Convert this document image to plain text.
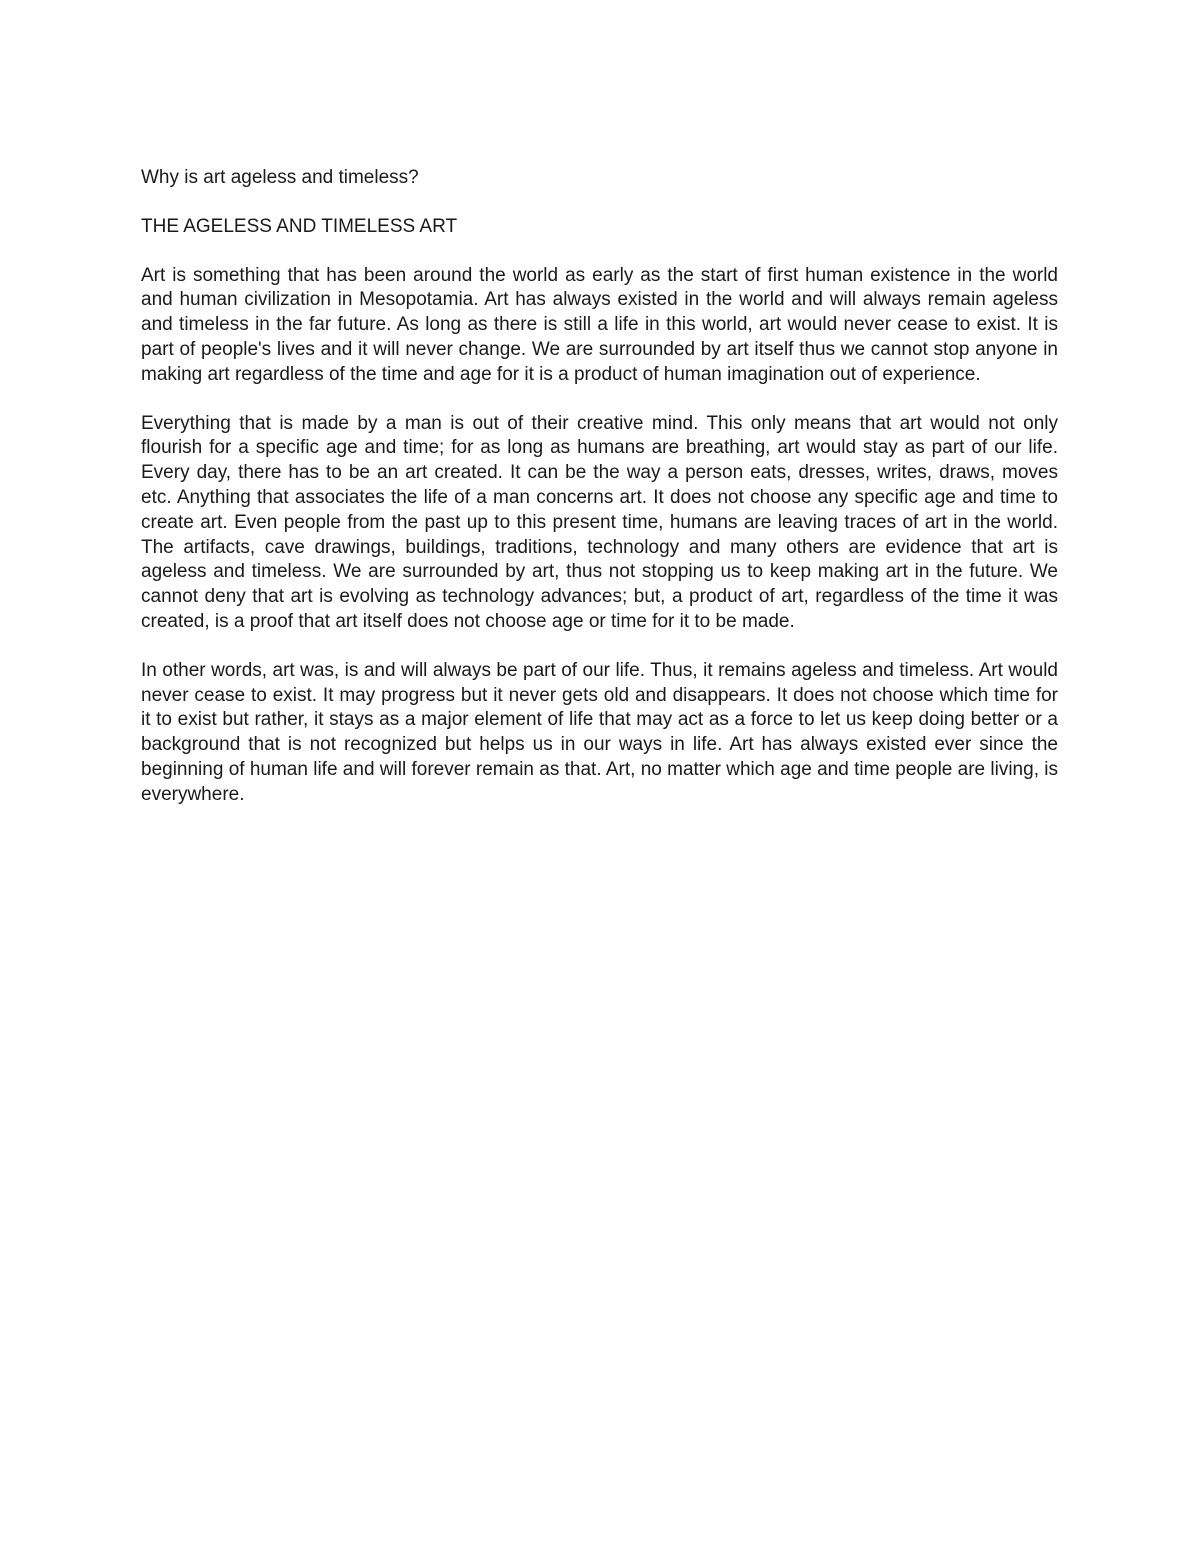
Why is art ageless and timeless?

THE AGELESS AND TIMELESS ART

Art is something that has been around the world as early as the start of first human existence in the world and human civilization in Mesopotamia. Art has always existed in the world and will always remain ageless and timeless in the far future. As long as there is still a life in this world, art would never cease to exist. It is part of people's lives and it will never change. We are surrounded by art itself thus we cannot stop anyone in making art regardless of the time and age for it is a product of human imagination out of experience.

Everything that is made by a man is out of their creative mind. This only means that art would not only flourish for a specific age and time; for as long as humans are breathing, art would stay as part of our life. Every day, there has to be an art created. It can be the way a person eats, dresses, writes, draws, moves etc. Anything that associates the life of a man concerns art. It does not choose any specific age and time to create art. Even people from the past up to this present time, humans are leaving traces of art in the world. The artifacts, cave drawings, buildings, traditions, technology and many others are evidence that art is ageless and timeless. We are surrounded by art, thus not stopping us to keep making art in the future. We cannot deny that art is evolving as technology advances; but, a product of art, regardless of the time it was created, is a proof that art itself does not choose age or time for it to be made.

In other words, art was, is and will always be part of our life. Thus, it remains ageless and timeless. Art would never cease to exist. It may progress but it never gets old and disappears. It does not choose which time for it to exist but rather, it stays as a major element of life that may act as a force to let us keep doing better or a background that is not recognized but helps us in our ways in life. Art has always existed ever since the beginning of human life and will forever remain as that. Art, no matter which age and time people are living, is everywhere.
